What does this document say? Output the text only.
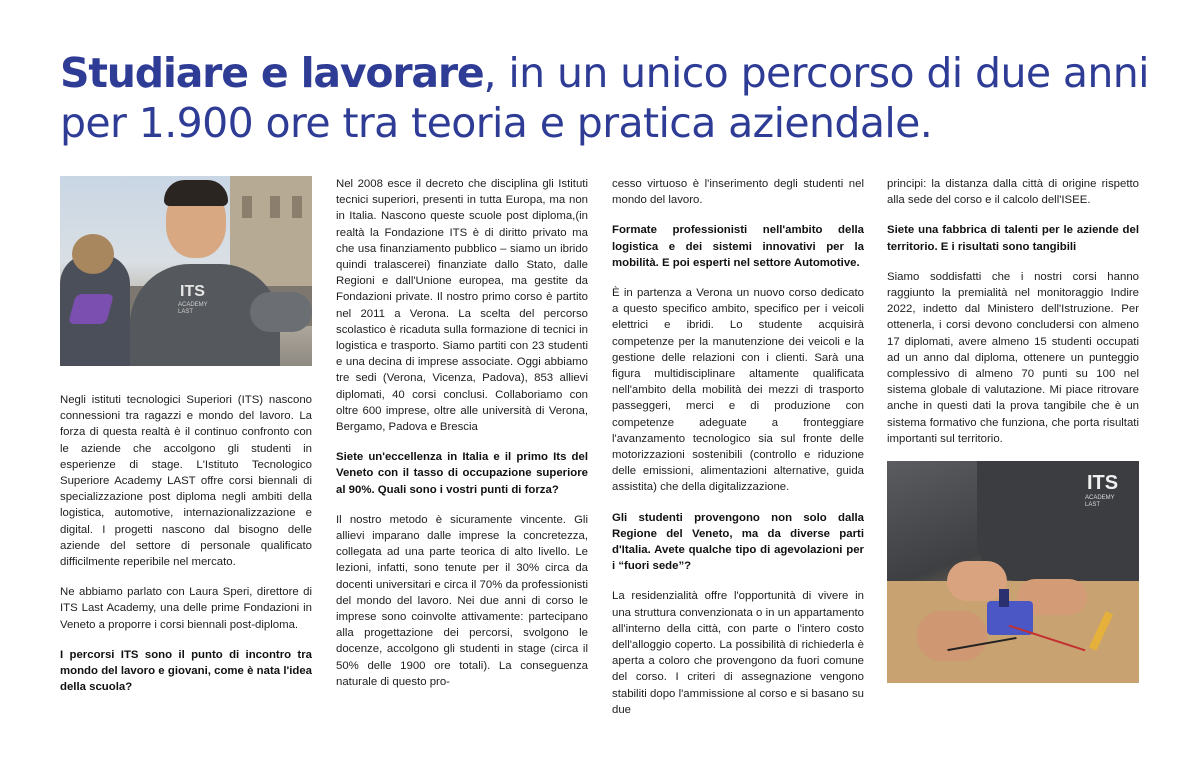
Studiare e lavorare, in un unico percorso di due anni per 1.900 ore tra teoria e pratica aziendale.
ITS
ACADEMY LAST

Negli istituti tecnologici Superiori (ITS) nascono connessioni tra ragazzi e mondo del lavoro. La forza di questa realtà è il continuo confronto con le aziende che accolgono gli studenti in esperienze di stage. L'Istituto Tecnologico Superiore Academy LAST offre corsi biennali di specializzazione post diploma negli ambiti della logistica, automotive, internazionalizzazione e digital. I progetti nascono dal bisogno delle aziende del settore di personale qualificato difficilmente reperibile nel mercato.

Ne abbiamo parlato con Laura Speri, direttore di ITS Last Academy, una delle prime Fondazioni in Veneto a proporre i corsi biennali post-diploma.

I percorsi ITS sono il punto di incontro tra mondo del lavoro e giovani, come è nata l'idea della scuola?

Nel 2008 esce il decreto che disciplina gli Istituti tecnici superiori, presenti in tutta Europa, ma non in Italia. Nascono queste scuole post diploma,(in realtà la Fondazione ITS è di diritto privato ma che usa finanziamento pubblico – siamo un ibrido quindi tralascerei) finanziate dallo Stato, dalle Regioni e dall'Unione europea, ma gestite da Fondazioni private. Il nostro primo corso è partito nel 2011 a Verona. La scelta del percorso scolastico è ricaduta sulla formazione di tecnici in logistica e trasporto. Siamo partiti con 23 studenti e una decina di imprese associate. Oggi abbiamo tre sedi (Verona, Vicenza, Padova), 853 allievi diplomati, 40 corsi conclusi. Collaboriamo con oltre 600 imprese, oltre alle università di Verona, Bergamo, Padova e Brescia

Siete un'eccellenza in Italia e il primo Its del Veneto con il tasso di occupazione superiore al 90%. Quali sono i vostri punti di forza?

Il nostro metodo è sicuramente vincente. Gli allievi imparano dalle imprese la concretezza, collegata ad una parte teorica di alto livello. Le lezioni, infatti, sono tenute per il 30% circa da docenti universitari e circa il 70% da professionisti del mondo del lavoro. Nei due anni di corso le imprese sono coinvolte attivamente: partecipano alla progettazione dei percorsi, svolgono le docenze, accolgono gli studenti in stage (circa il 50% delle 1900 ore totali). La conseguenza naturale di questo pro-

cesso virtuoso è l'inserimento degli studenti nel mondo del lavoro.

Formate professionisti nell'ambito della logistica e dei sistemi innovativi per la mobilità. E poi esperti nel settore Automotive.

È in partenza a Verona un nuovo corso dedicato a questo specifico ambito, specifico per i veicoli elettrici e ibridi. Lo studente acquisirà competenze per la manutenzione dei veicoli e la gestione delle relazioni con i clienti. Sarà una figura multidisciplinare altamente qualificata nell'ambito della mobilità dei mezzi di trasporto passeggeri, merci e di produzione con competenze adeguate a fronteggiare l'avanzamento tecnologico sia sul fronte delle motorizzazioni sostenibili (controllo e riduzione delle emissioni, alimentazioni alternative, guida assistita) che della digitalizzazione.

Gli studenti provengono non solo dalla Regione del Veneto, ma da diverse parti d'Italia. Avete qualche tipo di agevolazioni per i “fuori sede”?

La residenzialità offre l'opportunità di vivere in una struttura convenzionata o in un appartamento all'interno della città, con parte o l'intero costo dell'alloggio coperto. La possibilità di richiederla è aperta a coloro che provengono da fuori comune del corso. I criteri di assegnazione vengono stabiliti dopo l'ammissione al corso e si basano su due

principi: la distanza dalla città di origine rispetto alla sede del corso e il calcolo dell'ISEE.

Siete una fabbrica di talenti per le aziende del territorio. E i risultati sono tangibili

Siamo soddisfatti che i nostri corsi hanno raggiunto la premialità nel monitoraggio Indire 2022, indetto dal Ministero dell'Istruzione. Per ottenerla, i corsi devono concludersi con almeno 17 diplomati, avere almeno 15 studenti occupati ad un anno dal diploma, ottenere un punteggio complessivo di almeno 70 punti su 100 nel sistema globale di valutazione. Mi piace ritrovare anche in questi dati la prova tangibile che è un sistema formativo che funziona, che porta risultati importanti sul territorio.

ITS
ACADEMY LAST
